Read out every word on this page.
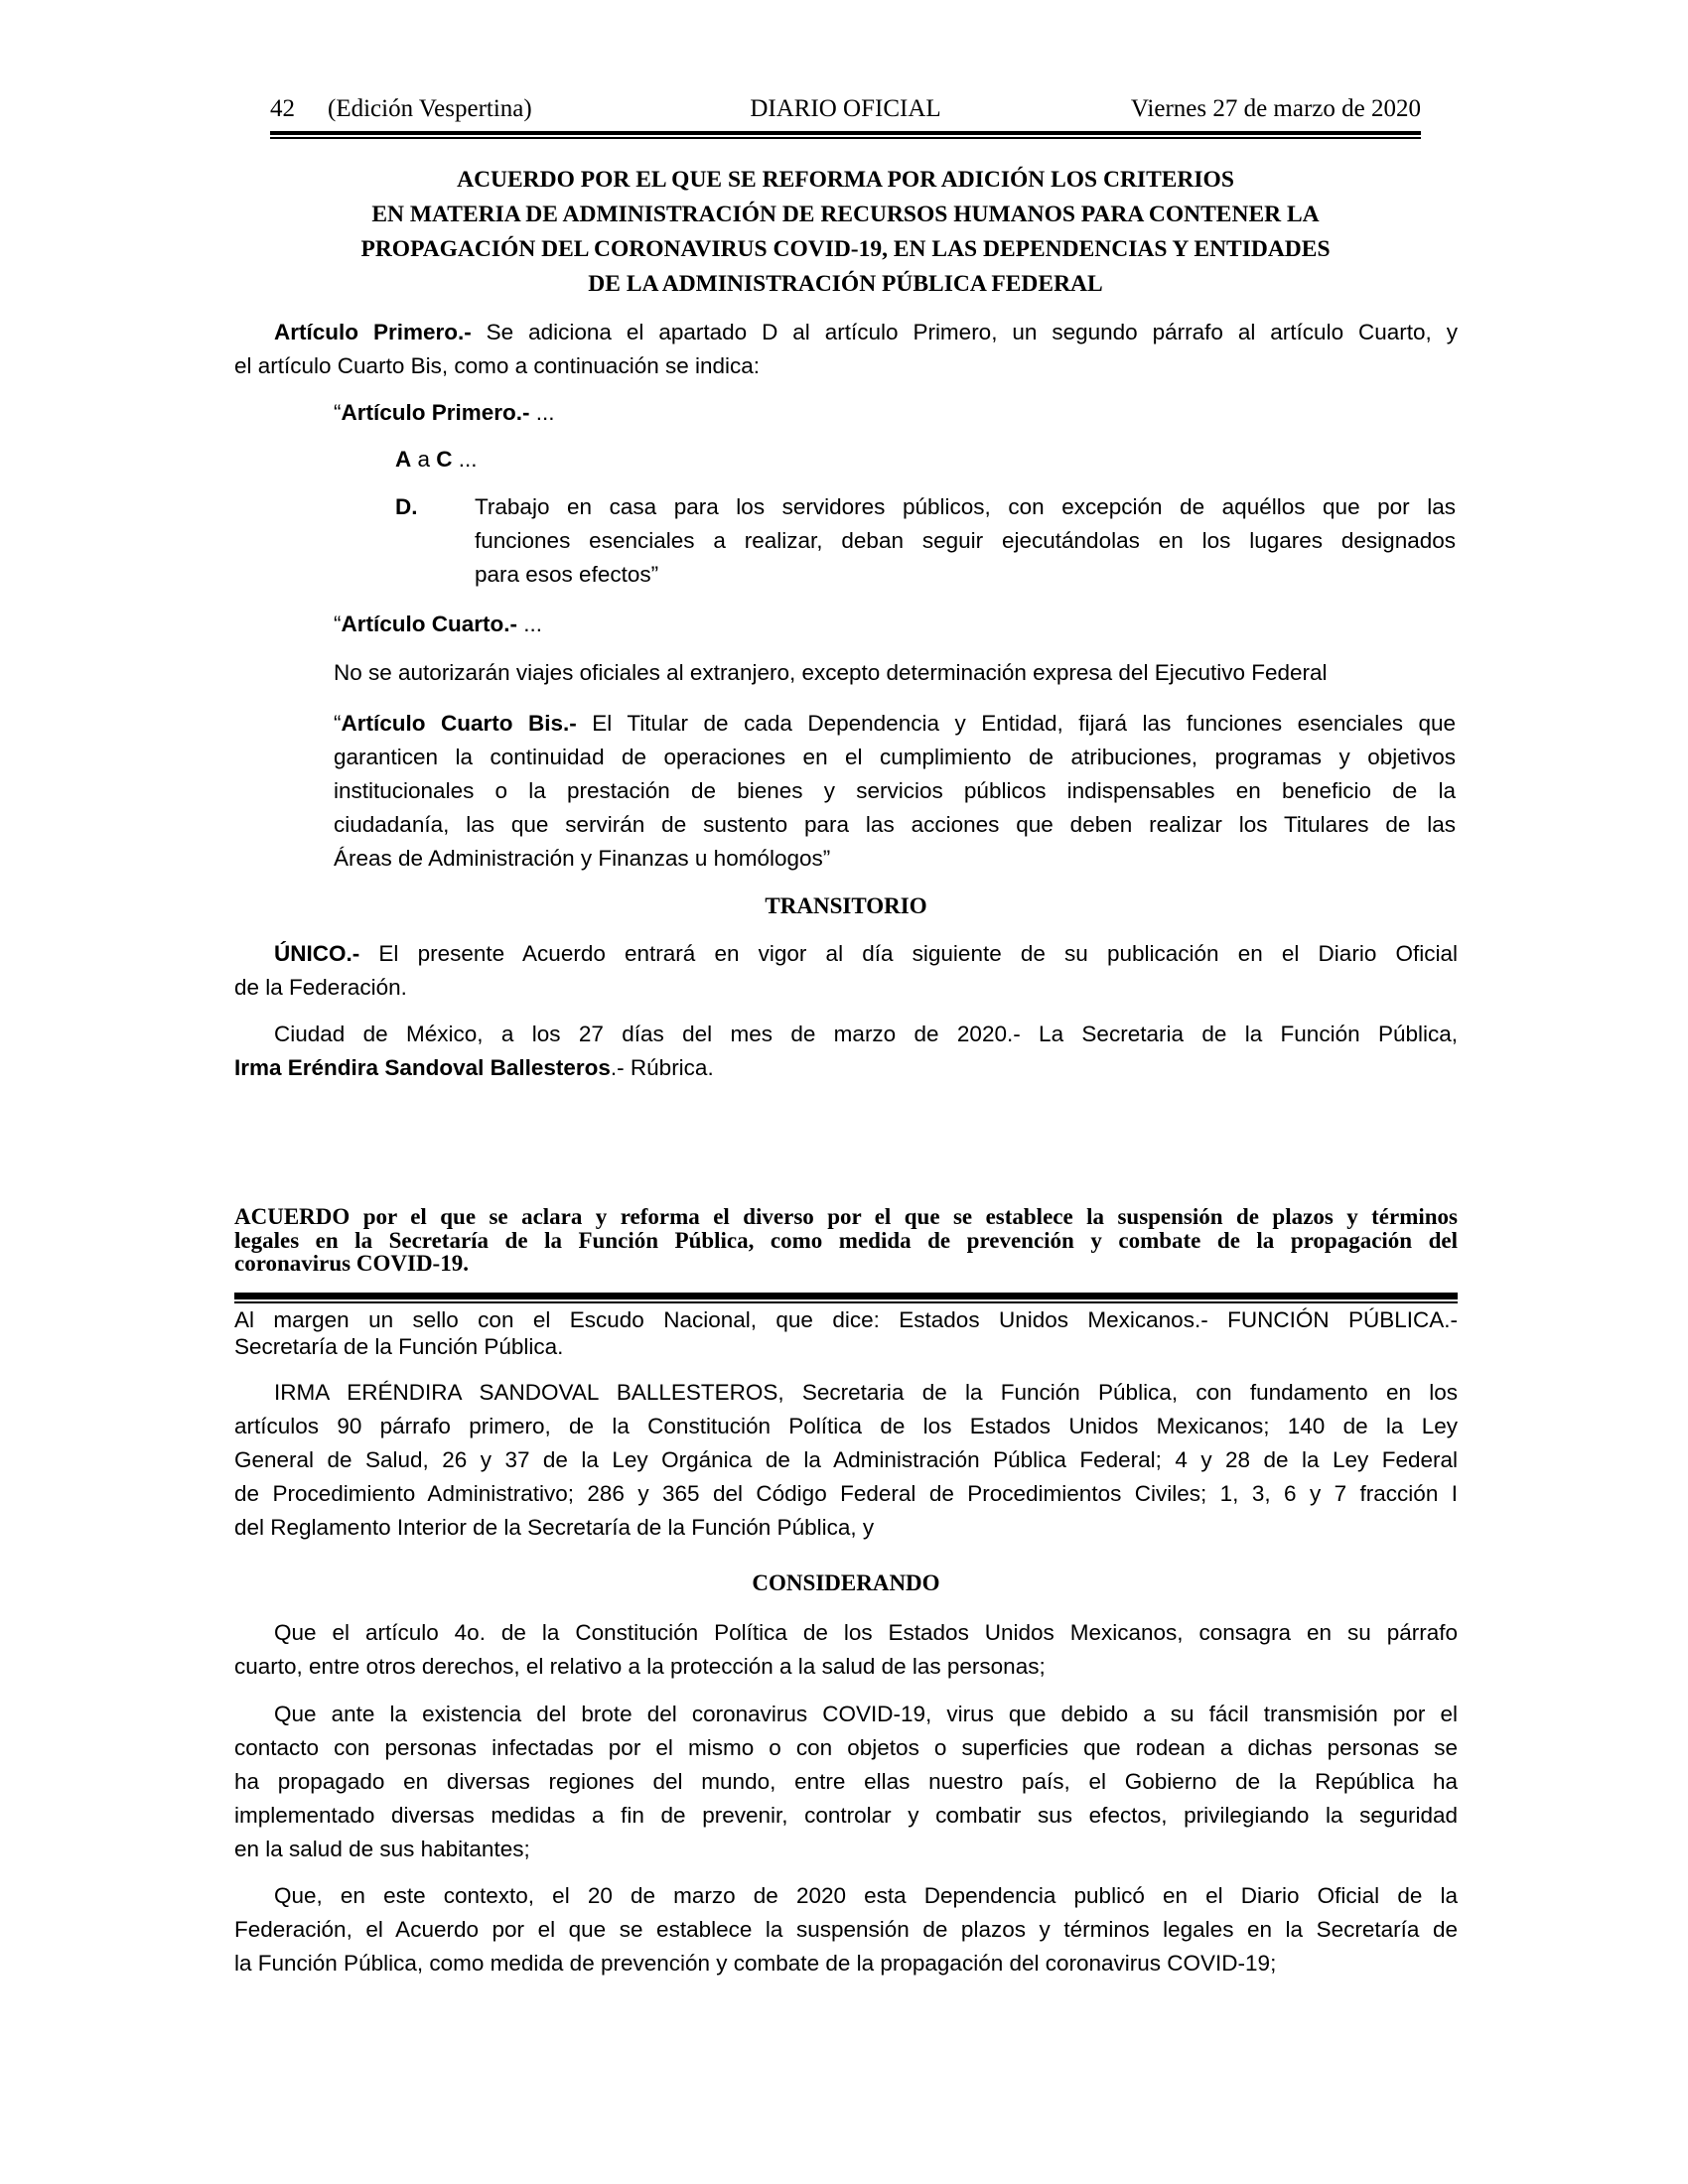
42 (Edición Vespertina)	DIARIO OFICIAL	Viernes 27 de marzo de 2020
ACUERDO POR EL QUE SE REFORMA POR ADICIÓN LOS CRITERIOS
EN MATERIA DE ADMINISTRACIÓN DE RECURSOS HUMANOS PARA CONTENER LA
PROPAGACIÓN DEL CORONAVIRUS COVID-19, EN LAS DEPENDENCIAS Y ENTIDADES
DE LA ADMINISTRACIÓN PÚBLICA FEDERAL
Artículo Primero.- Se adiciona el apartado D al artículo Primero, un segundo párrafo al artículo Cuarto, y
el artículo Cuarto Bis, como a continuación se indica:
“Artículo Primero.- ...
A a C ...
D.	Trabajo en casa para los servidores públicos, con excepción de aquéllos que por las
funciones esenciales a realizar, deban seguir ejecutándolas en los lugares designados
para esos efectos”
“Artículo Cuarto.- ...
No se autorizarán viajes oficiales al extranjero, excepto determinación expresa del Ejecutivo Federal
“Artículo Cuarto Bis.- El Titular de cada Dependencia y Entidad, fijará las funciones esenciales que
garanticen la continuidad de operaciones en el cumplimiento de atribuciones, programas y objetivos
institucionales o la prestación de bienes y servicios públicos indispensables en beneficio de la
ciudadanía, las que servirán de sustento para las acciones que deben realizar los Titulares de las
Áreas de Administración y Finanzas u homólogos”
TRANSITORIO
ÚNICO.- El presente Acuerdo entrará en vigor al día siguiente de su publicación en el Diario Oficial
de la Federación.
Ciudad de México, a los 27 días del mes de marzo de 2020.- La Secretaria de la Función Pública,
Irma Eréndira Sandoval Ballesteros.- Rúbrica.
ACUERDO por el que se aclara y reforma el diverso por el que se establece la suspensión de plazos y términos
legales en la Secretaría de la Función Pública, como medida de prevención y combate de la propagación del
coronavirus COVID-19.
Al margen un sello con el Escudo Nacional, que dice: Estados Unidos Mexicanos.- FUNCIÓN PÚBLICA.-
Secretaría de la Función Pública.
IRMA ERÉNDIRA SANDOVAL BALLESTEROS, Secretaria de la Función Pública, con fundamento en los
artículos 90 párrafo primero, de la Constitución Política de los Estados Unidos Mexicanos; 140 de la Ley
General de Salud, 26 y 37 de la Ley Orgánica de la Administración Pública Federal; 4 y 28 de la Ley Federal
de Procedimiento Administrativo; 286 y 365 del Código Federal de Procedimientos Civiles; 1, 3, 6 y 7 fracción I
del Reglamento Interior de la Secretaría de la Función Pública, y
CONSIDERANDO
Que el artículo 4o. de la Constitución Política de los Estados Unidos Mexicanos, consagra en su párrafo
cuarto, entre otros derechos, el relativo a la protección a la salud de las personas;
Que ante la existencia del brote del coronavirus COVID-19, virus que debido a su fácil transmisión por el
contacto con personas infectadas por el mismo o con objetos o superficies que rodean a dichas personas se
ha propagado en diversas regiones del mundo, entre ellas nuestro país, el Gobierno de la República ha
implementado diversas medidas a fin de prevenir, controlar y combatir sus efectos, privilegiando la seguridad
en la salud de sus habitantes;
Que, en este contexto, el 20 de marzo de 2020 esta Dependencia publicó en el Diario Oficial de la
Federación, el Acuerdo por el que se establece la suspensión de plazos y términos legales en la Secretaría de
la Función Pública, como medida de prevención y combate de la propagación del coronavirus COVID-19;
